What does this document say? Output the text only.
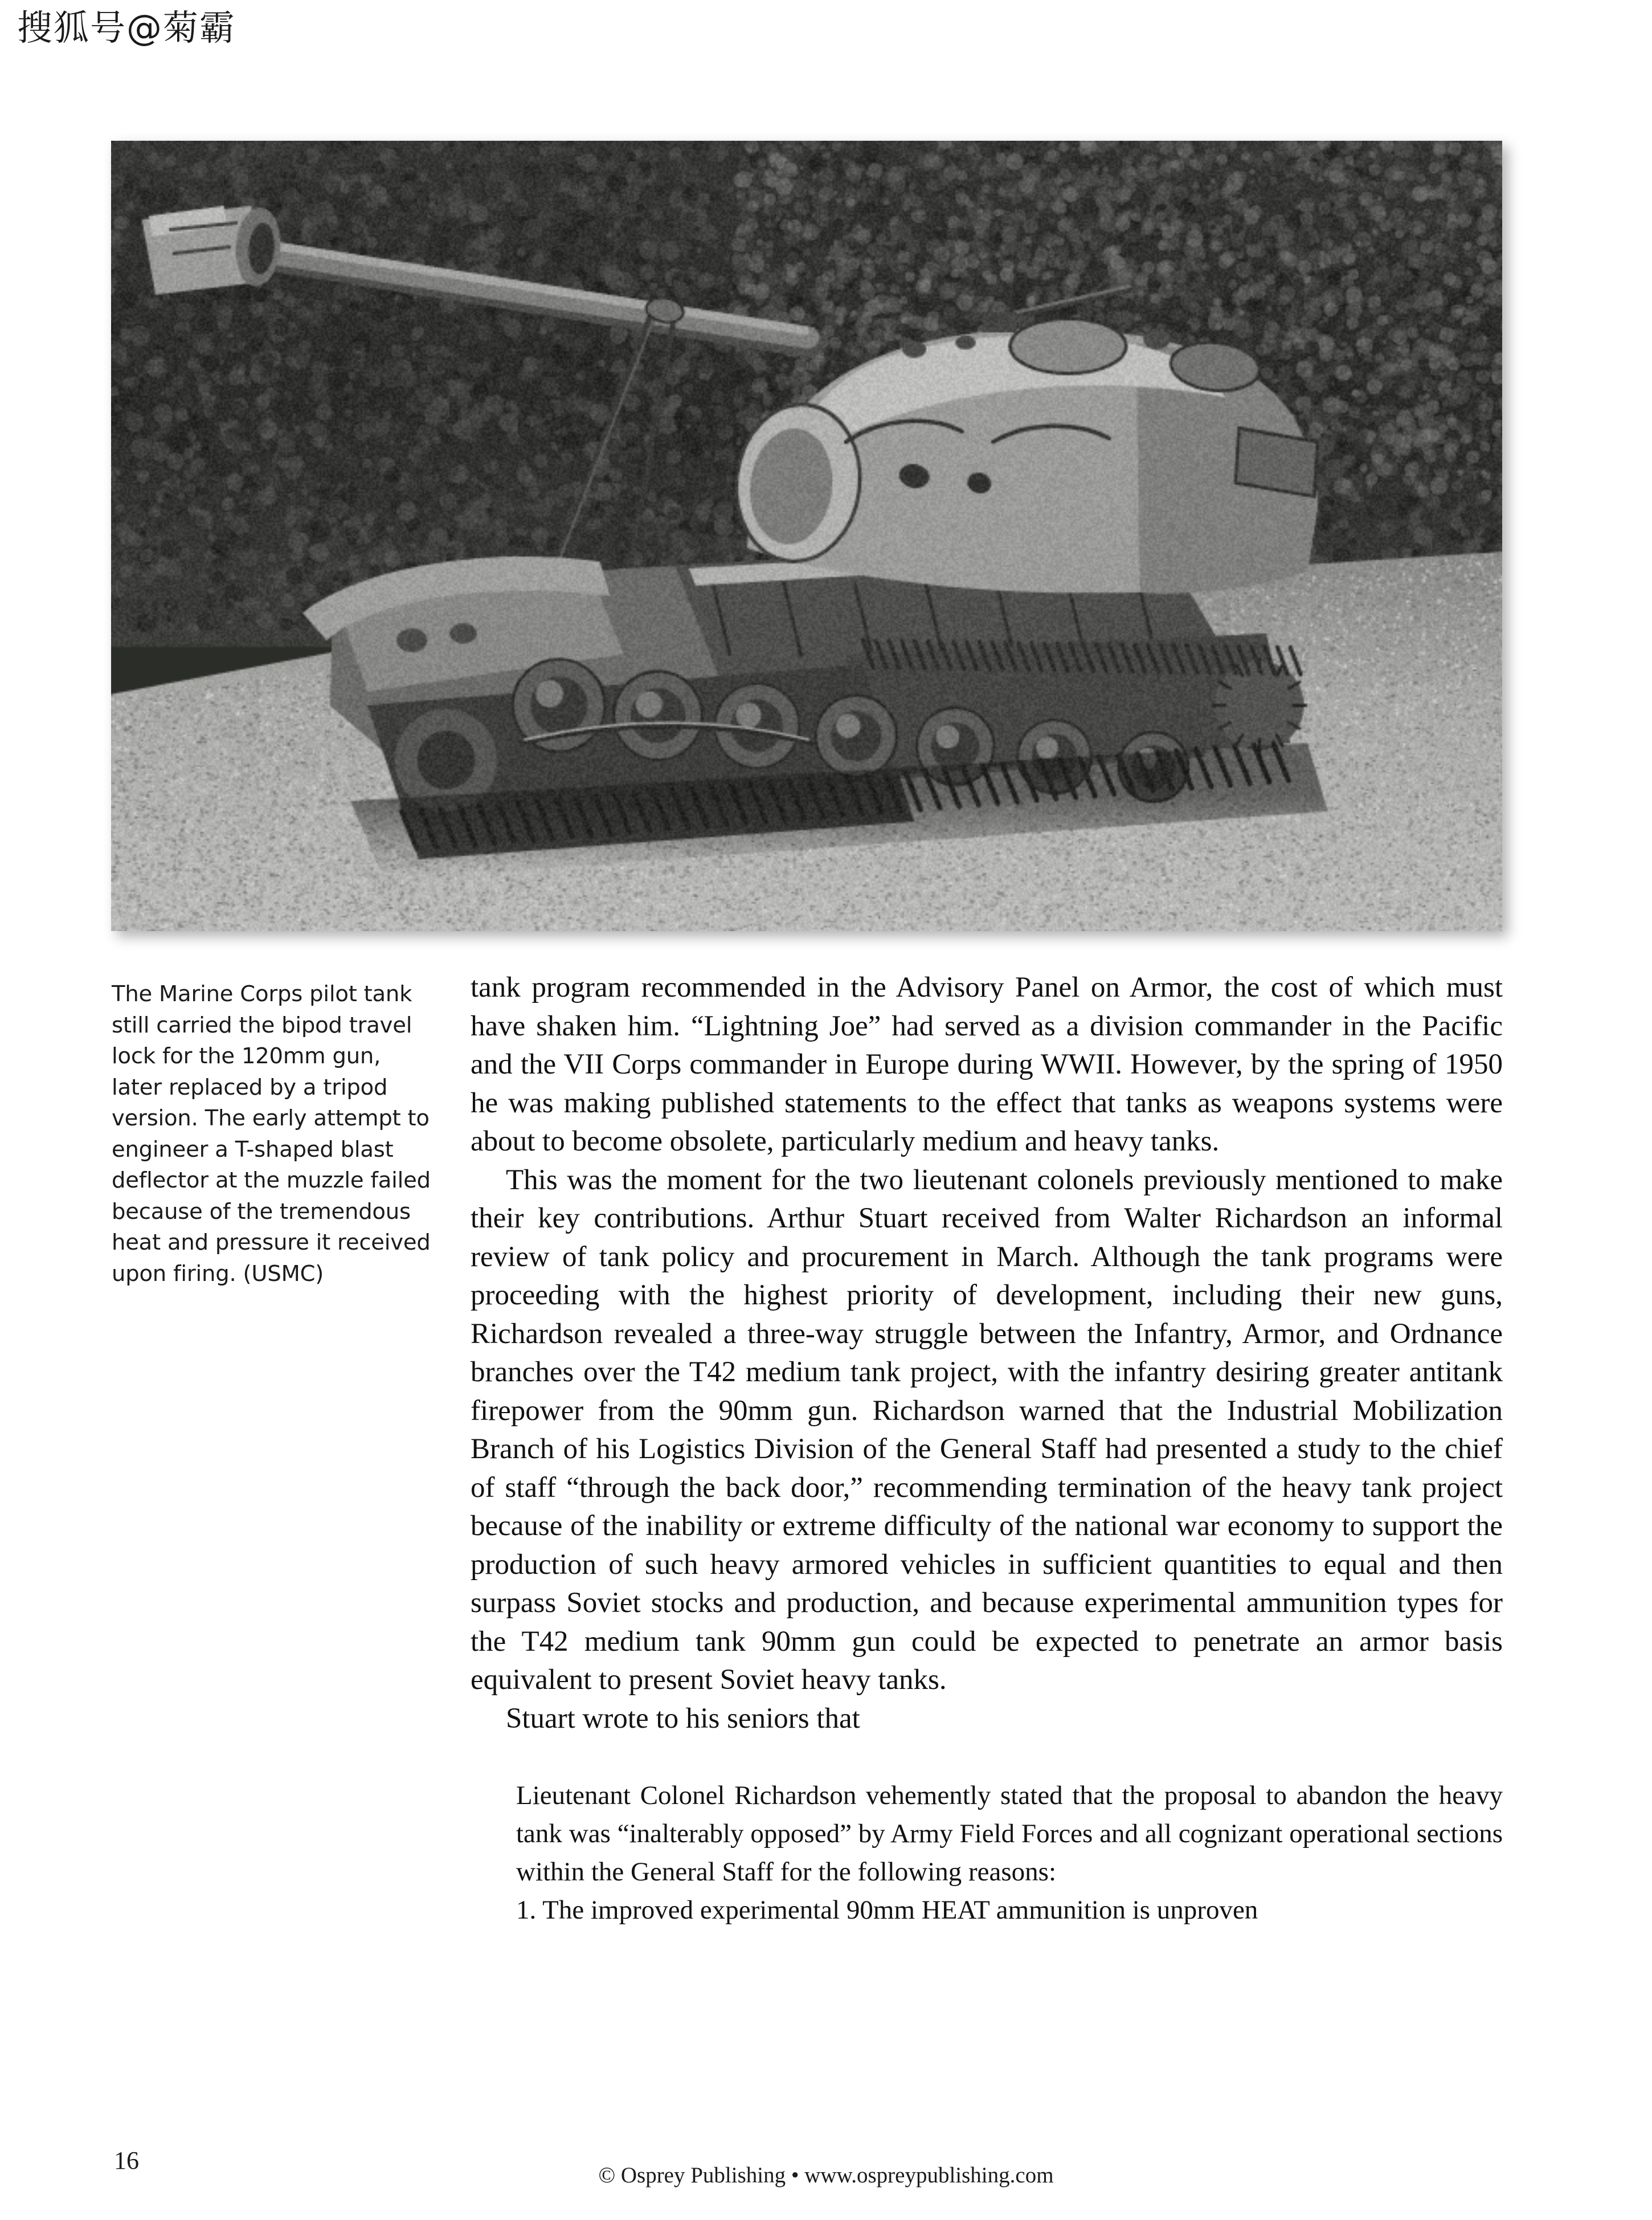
搜狐号@菊霸
The Marine Corps pilot tank still carried the bipod travel lock for the 120mm gun, later replaced by a tripod version. The early attempt to engineer a T-shaped blast deflector at the muzzle failed because of the tremendous heat and pressure it received upon firing. (USMC)

tank program recommended in the Advisory Panel on Armor, the cost of which must have shaken him. “Lightning Joe” had served as a division commander in the Pacific and the VII Corps commander in Europe during WWII. However, by the spring of 1950 he was making published statements to the effect that tanks as weapons systems were about to become obsolete, particularly medium and heavy tanks.

This was the moment for the two lieutenant colonels previously mentioned to make their key contributions. Arthur Stuart received from Walter Richardson an informal review of tank policy and procurement in March. Although the tank programs were proceeding with the highest priority of development, including their new guns, Richardson revealed a three-way struggle between the Infantry, Armor, and Ordnance branches over the T42 medium tank project, with the infantry desiring greater antitank firepower from the 90mm gun. Richardson warned that the Industrial Mobilization Branch of his Logistics Division of the General Staff had presented a study to the chief of staff “through the back door,” recommending termination of the heavy tank project because of the inability or extreme difficulty of the national war economy to support the production of such heavy armored vehicles in sufficient quantities to equal and then surpass Soviet stocks and production, and because experimental ammunition types for the T42 medium tank 90mm gun could be expected to penetrate an armor basis equivalent to present Soviet heavy tanks.

Stuart wrote to his seniors that

Lieutenant Colonel Richardson vehemently stated that the proposal to abandon the heavy tank was “inalterably opposed” by Army Field Forces and all cognizant operational sections within the General Staff for the following reasons:

1. The improved experimental 90mm HEAT ammunition is unproven

16
© Osprey Publishing • www.ospreypublishing.com
